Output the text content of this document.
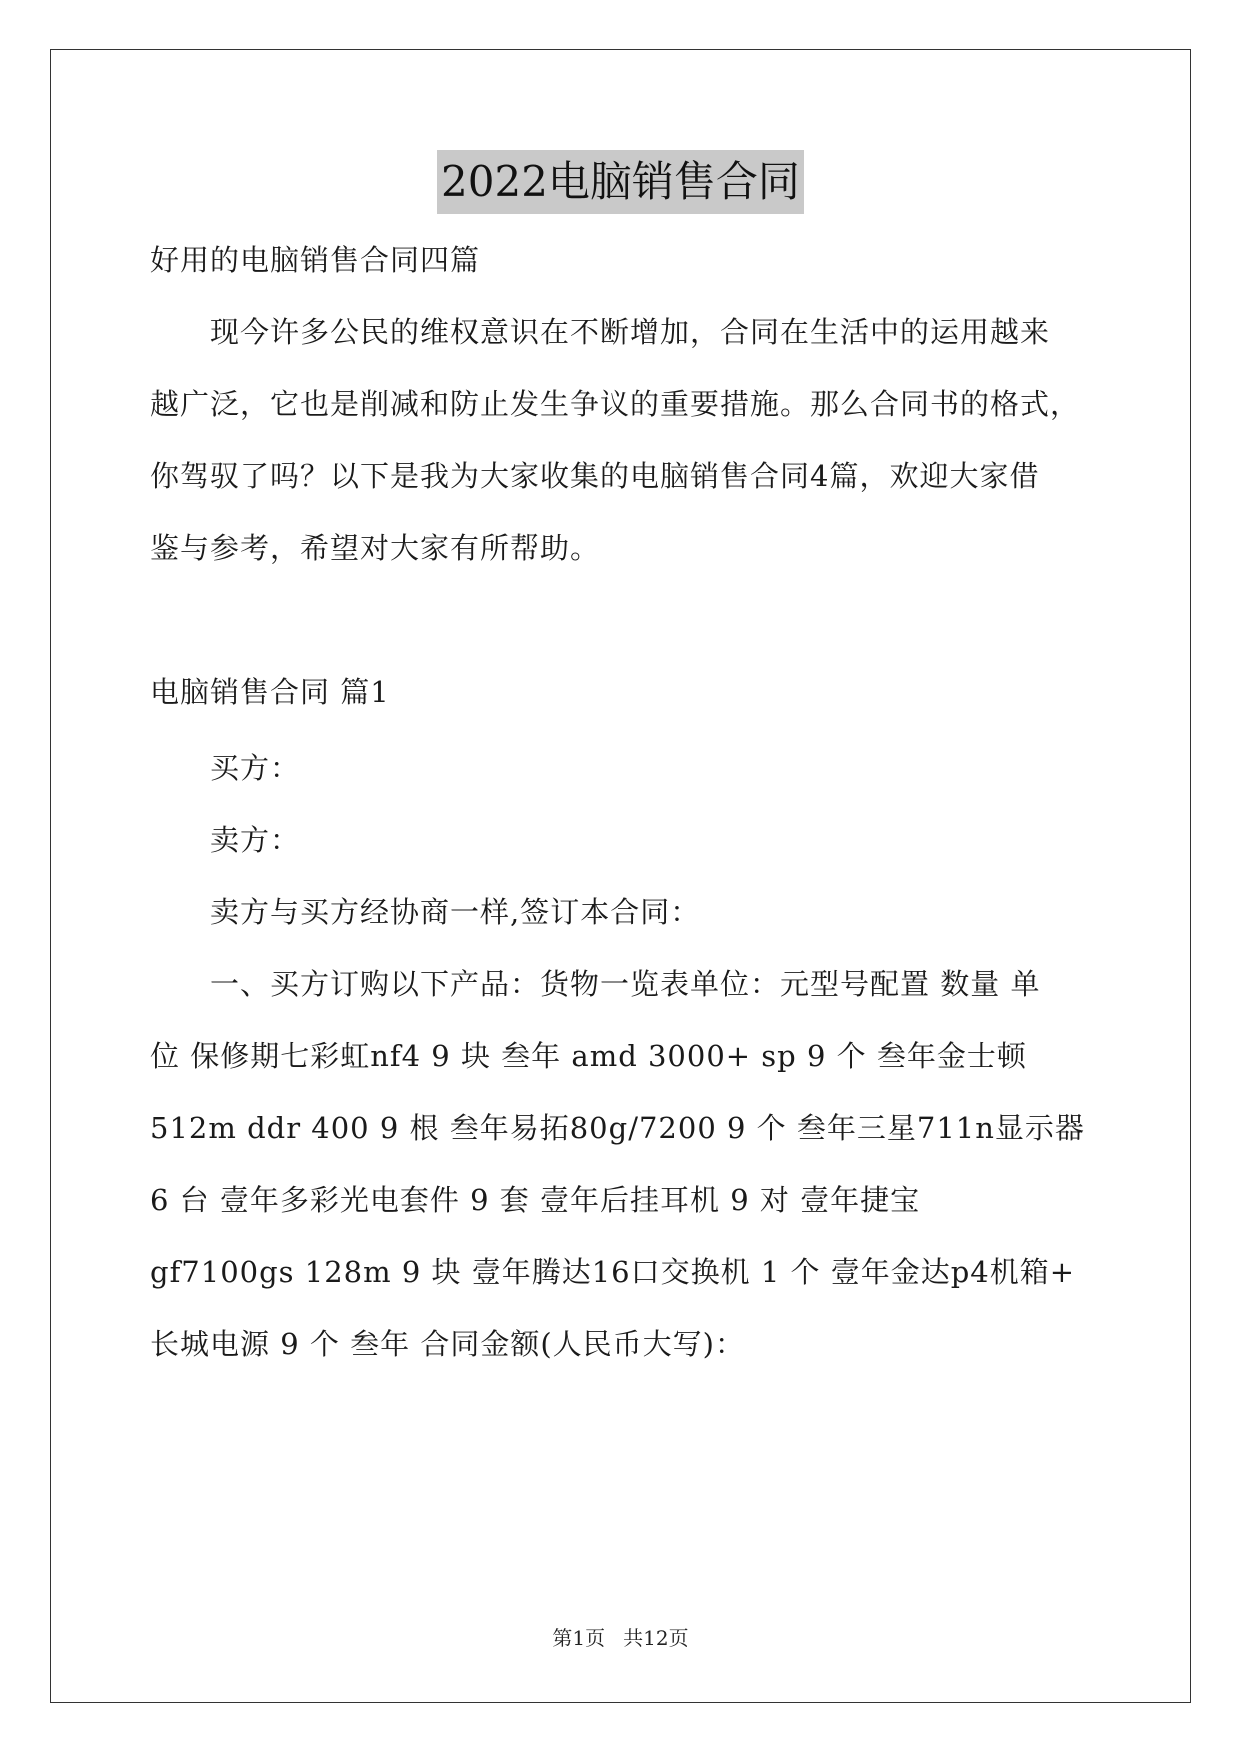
2022电脑销售合同
好用的电脑销售合同四篇
　　现今许多公民的维权意识在不断增加，合同在生活中的运用越来
越广泛，它也是削减和防止发生争议的重要措施。那么合同书的格式，
你驾驭了吗？以下是我为大家收集的电脑销售合同4篇，欢迎大家借
鉴与参考，希望对大家有所帮助。
电脑销售合同 篇1
　　买方：
　　卖方：
　　卖方与买方经协商一样,签订本合同：
　　一、买方订购以下产品：货物一览表单位：元型号配置 数量 单
位 保修期七彩虹nf4 9 块 叁年 amd 3000+ sp 9 个 叁年金士顿
512m ddr 400 9 根 叁年易拓80g/7200 9 个 叁年三星711n显示器
6 台 壹年多彩光电套件 9 套 壹年后挂耳机 9 对 壹年捷宝
gf7100gs 128m 9 块 壹年腾达16口交换机 1 个 壹年金达p4机箱+
长城电源 9 个 叁年 合同金额(人民币大写)：
第1页 共12页
